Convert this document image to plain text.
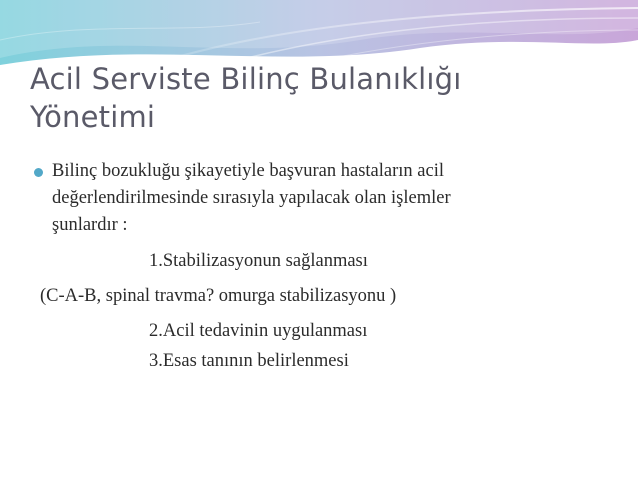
Acil Serviste Bilinç Bulanıklığı
Yönetimi
Bilinç bozukluğu şikayetiyle başvuran hastaların acil
değerlendirilmesinde sırasıyla yapılacak olan işlemler
şunlardır :
1.Stabilizasyonun sağlanması
(C-A-B, spinal travma? omurga stabilizasyonu )
2.Acil tedavinin uygulanması
3.Esas tanının belirlenmesi
